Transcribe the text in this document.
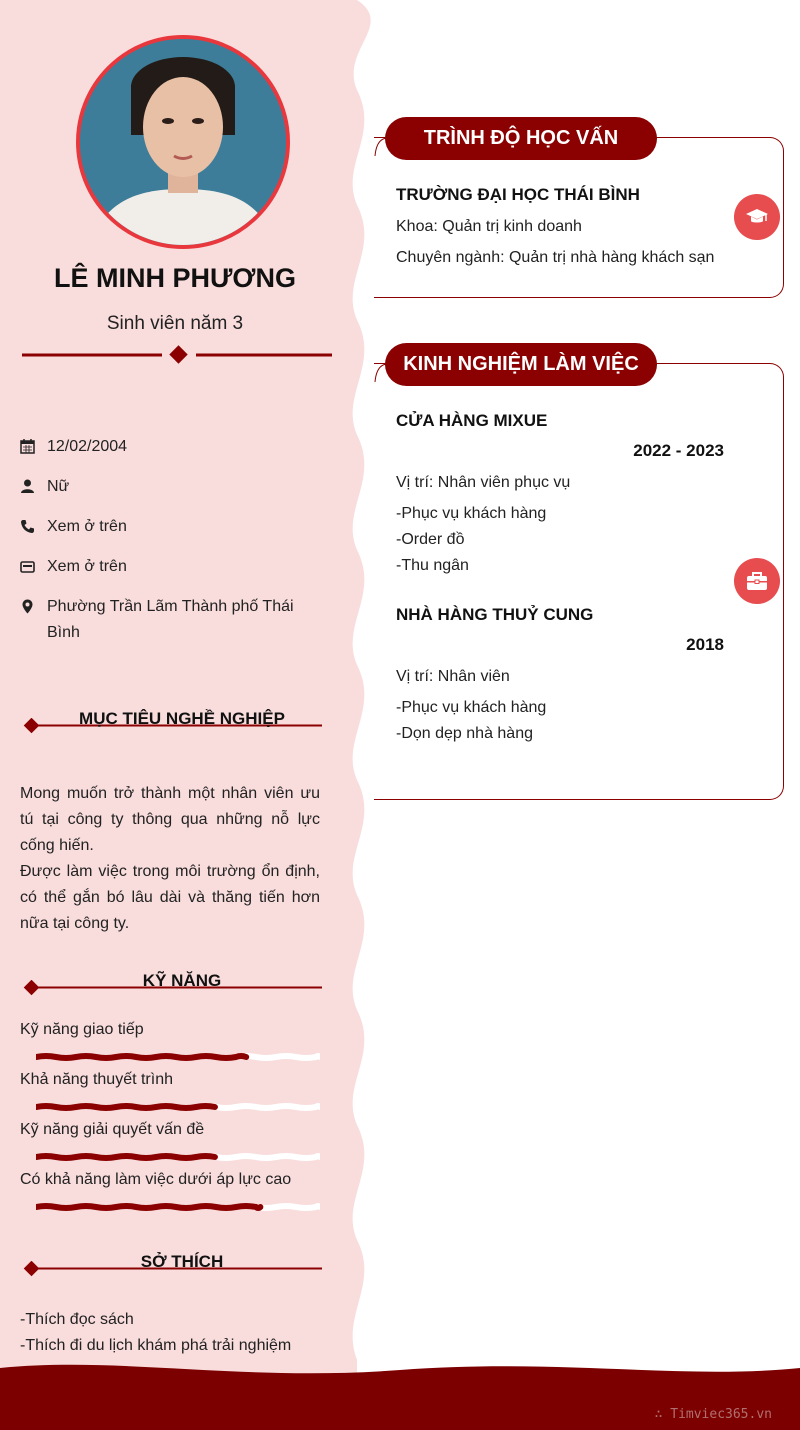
LÊ MINH PHƯƠNG
Sinh viên năm 3
12/02/2004
Nữ
Xem ở trên
Xem ở trên
Phường Trần Lãm Thành phố Thái Bình
MỤC TIÊU NGHỀ NGHIỆP
Mong muốn trở thành một nhân viên ưu tú tại công ty thông qua những nỗ lực cống hiến.
Được làm việc trong môi trường ổn định, có thể gắn bó lâu dài và thăng tiến hơn nữa tại công ty.
KỸ NĂNG
Kỹ năng giao tiếp
Khả năng thuyết trình
Kỹ năng giải quyết vấn đề
Có khả năng làm việc dưới áp lực cao
SỞ THÍCH
-Thích đọc sách
-Thích đi du lịch khám phá trải nghiệm
TRÌNH ĐỘ HỌC VẤN
TRƯỜNG ĐẠI HỌC THÁI BÌNH
Khoa: Quản trị kinh doanh
Chuyên ngành: Quản trị nhà hàng khách sạn
KINH NGHIỆM LÀM VIỆC
CỬA HÀNG MIXUE
2022 - 2023
Vị trí: Nhân viên phục vụ
-Phục vụ khách hàng
-Order đồ
-Thu ngân
NHÀ HÀNG THUỶ CUNG
2018
Vị trí: Nhân viên
-Phục vụ khách hàng
-Dọn dẹp nhà hàng
∴ Timviec365.vn
